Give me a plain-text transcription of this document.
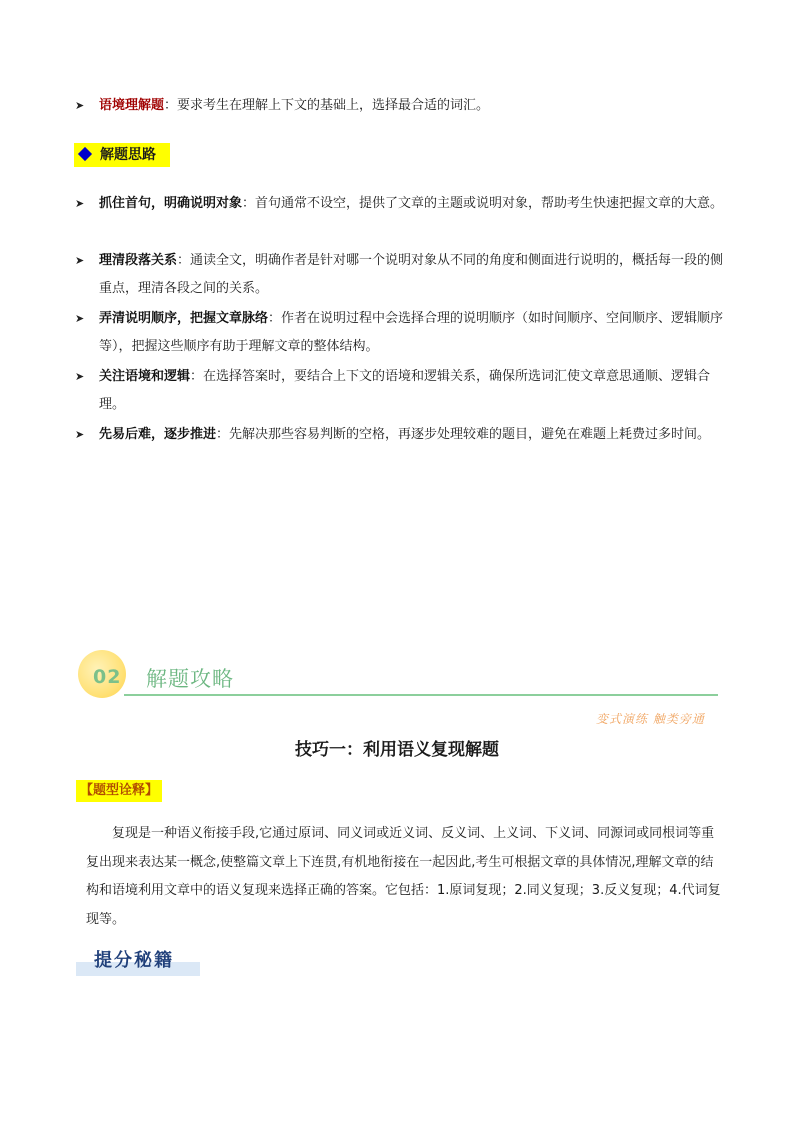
➤	语境理解题：要求考生在理解上下文的基础上，选择最合适的词汇。
解题思路
➤	抓住首句，明确说明对象：首句通常不设空，提供了文章的主题或说明对象，帮助考生快速把握文章的大意。
➤	理清段落关系：通读全文，明确作者是针对哪一个说明对象从不同的角度和侧面进行说明的，概括每一段的侧重点，理清各段之间的关系。
➤	弄清说明顺序，把握文章脉络：作者在说明过程中会选择合理的说明顺序（如时间顺序、空间顺序、逻辑顺序等），把握这些顺序有助于理解文章的整体结构。
➤	关注语境和逻辑：在选择答案时，要结合上下文的语境和逻辑关系，确保所选词汇使文章意思通顺、逻辑合理。
➤	先易后难，逐步推进：先解决那些容易判断的空格，再逐步处理较难的题目，避免在难题上耗费过多时间。
02 解题攻略
变式演练 触类旁通
技巧一：利用语义复现解题
【题型诠释】
复现是一种语义衔接手段,它通过原词、同义词或近义词、反义词、上义词、下义词、同源词或同根词等重复出现来表达某一概念,使整篇文章上下连贯,有机地衔接在一起因此,考生可根据文章的具体情况,理解文章的结构和语境利用文章中的语义复现来选择正确的答案。它包括：1.原词复现；2.同义复现；3.反义复现；4.代词复现等。
提分秘籍
